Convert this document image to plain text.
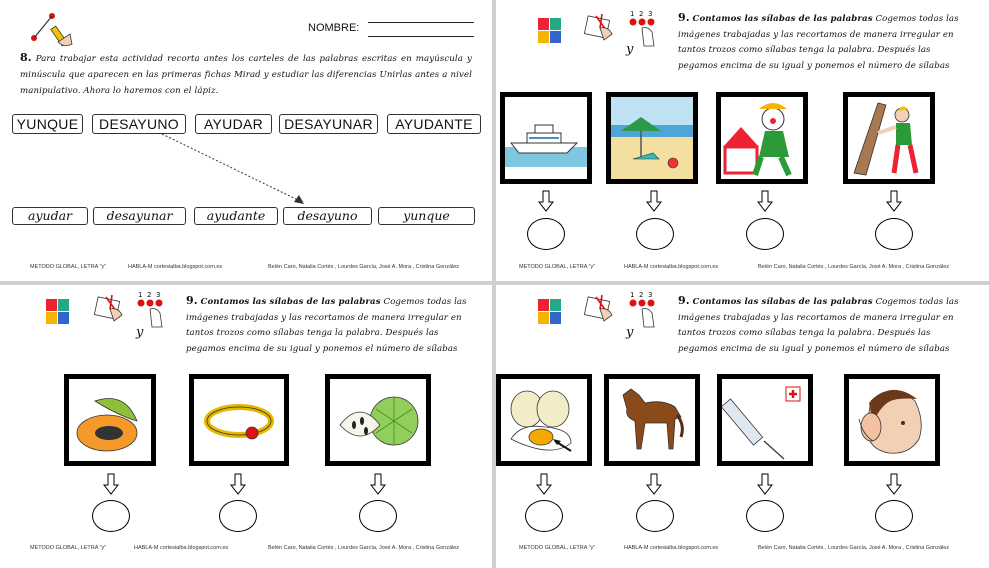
NOMBRE:
8. Para trabajar esta actividad recorta antes los carteles de las palabras escritas en mayúscula y minúscula que aparecen en las primeras fichas Mirad y estudiar las diferencias Unirlas antes a nivel manipulativo. Ahora lo haremos con el lápiz.
YUNQUE	DESAYUNO	AYUDAR	DESAYUNAR	AYUDANTE
ayudar	desayunar	ayudante	desayuno	yunque
METODO GLOBAL, LETRA "y"	HABLA-M cortesialba.blogspot.com.es	Belén Caro, Natalia Cortés , Lourdes García, José A. Mora , Cristina González
y
1 2 3 9. Contamos las sílabas de las palabras Cogemos todas las imágenes trabajadas y las recortamos de manera irregular en tantos trozos como sílabas tenga la palabra. Después las pegamos encima de su igual y ponemos el número de sílabas
METODO GLOBAL, LETRA "y"	HABLA-M cortesialba.blogspot.com.es	Belén Caro, Natalia Cortés , Lourdes García, José A. Mora , Cristina González
y
1 2 3 9. Contamos las sílabas de las palabras Cogemos todas las imágenes trabajadas y las recortamos de manera irregular en tantos trozos como sílabas tenga la palabra. Después las pegamos encima de su igual y ponemos el número de sílabas
METODO GLOBAL, LETRA "y"	HABLA-M cortesialba.blogspot.com.es	Belén Caro, Natalia Cortés , Lourdes García, José A. Mora , Cristina González
y
1 2 3 9. Contamos las sílabas de las palabras Cogemos todas las imágenes trabajadas y las recortamos de manera irregular en tantos trozos como sílabas tenga la palabra. Después las pegamos encima de su igual y ponemos el número de sílabas
METODO GLOBAL, LETRA "y"	HABLA-M cortesialba.blogspot.com.es	Belén Caro, Natalia Cortés , Lourdes García, José A. Mora , Cristina González
